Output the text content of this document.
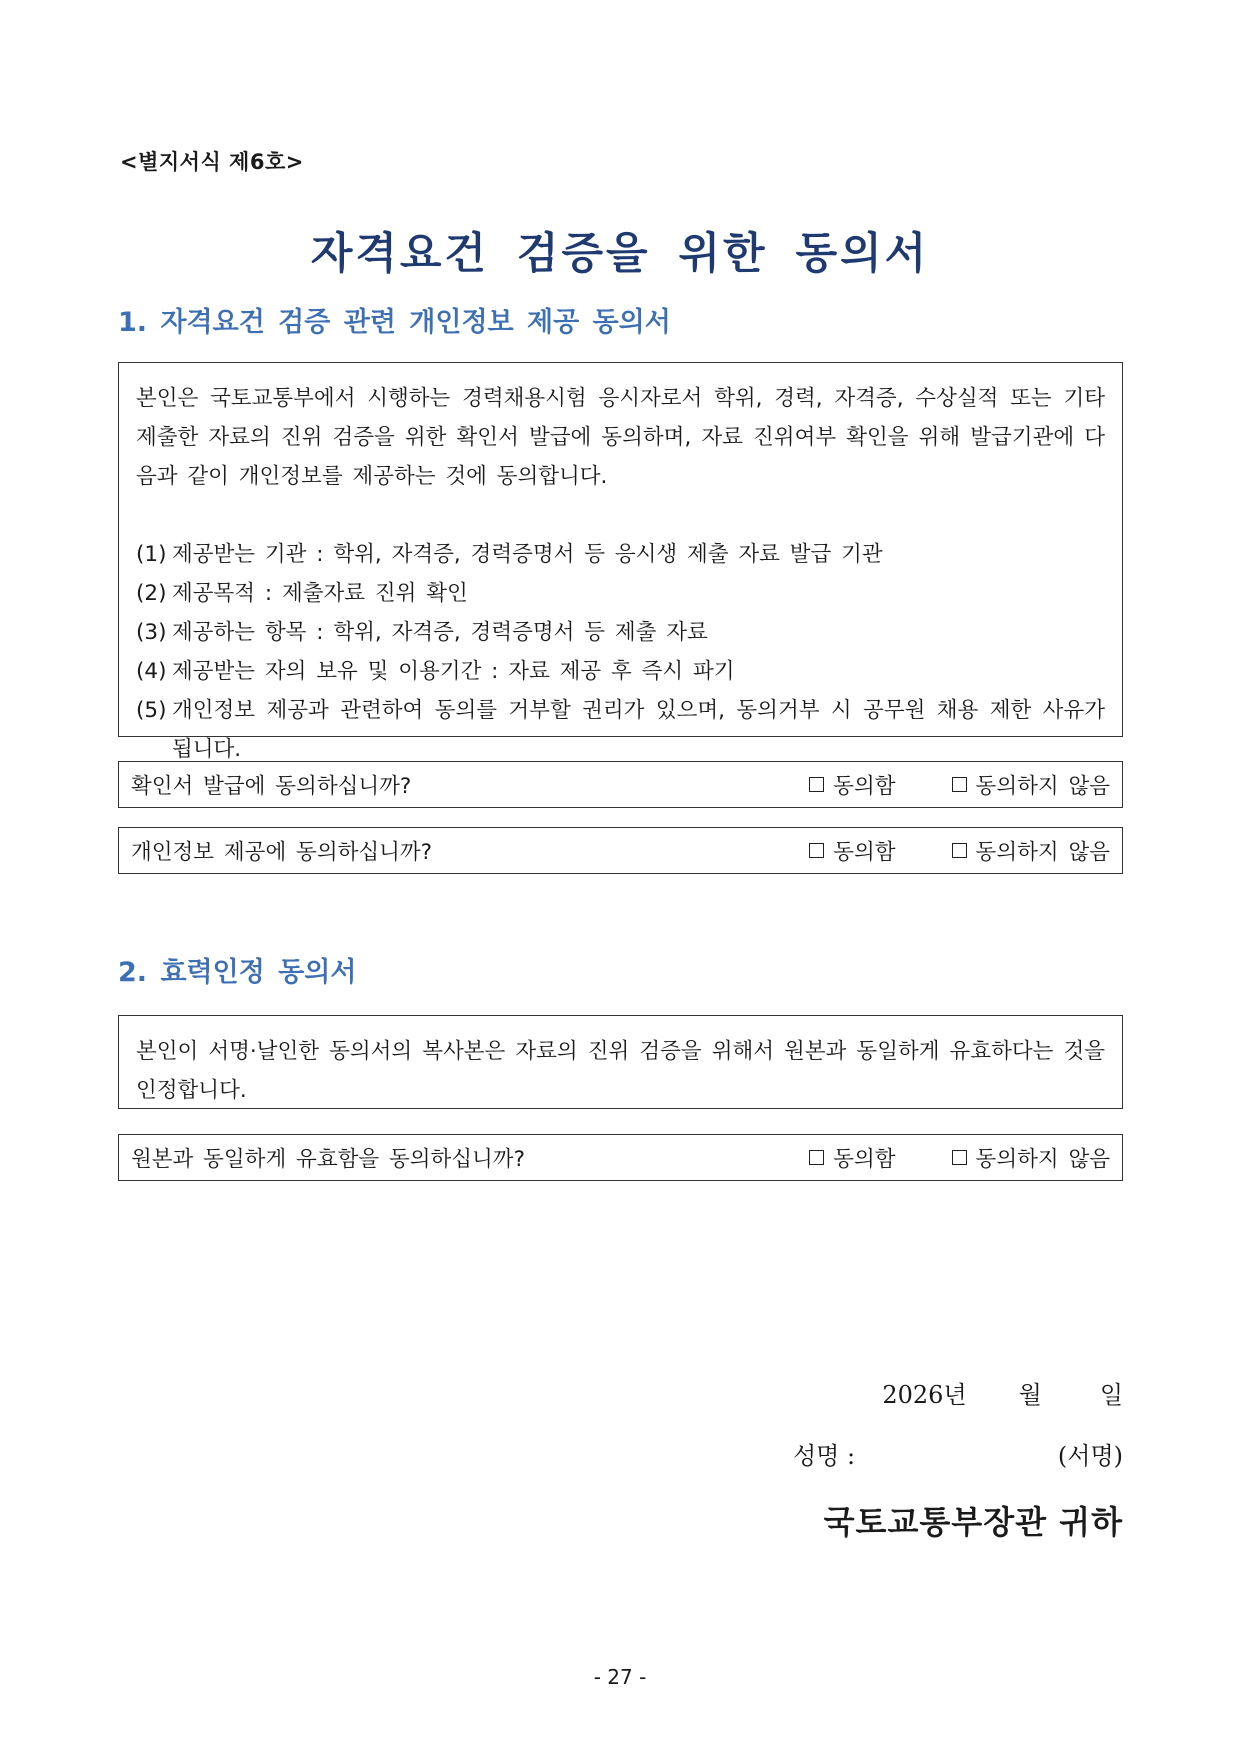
<별지서식 제6호>
자격요건 검증을 위한 동의서
1. 자격요건 검증 관련 개인정보 제공 동의서

본인은 국토교통부에서 시행하는 경력채용시험 응시자로서 학위, 경력, 자격증, 수상실적 또는 기타 제출한 자료의 진위 검증을 위한 확인서 발급에 동의하며, 자료 진위여부 확인을 위해 발급기관에 다음과 같이 개인정보를 제공하는 것에 동의합니다.

(1) 제공받는 기관 : 학위, 자격증, 경력증명서 등 응시생 제출 자료 발급 기관
(2) 제공목적 : 제출자료 진위 확인
(3) 제공하는 항목 : 학위, 자격증, 경력증명서 등 제출 자료
(4) 제공받는 자의 보유 및 이용기간 : 자료 제공 후 즉시 파기
(5) 개인정보 제공과 관련하여 동의를 거부할 권리가 있으며, 동의거부 시 공무원 채용 제한 사유가 됩니다.
확인서 발급에 동의하십니까?	동의함	동의하지 않음
개인정보 제공에 동의하십니까?	동의함	동의하지 않음
2. 효력인정 동의서

본인이 서명·날인한 동의서의 복사본은 자료의 진위 검증을 위해서 원본과 동일하게 유효하다는 것을 인정합니다.

원본과 동일하게 유효함을 동의하십니까?	동의함	동의하지 않음
2026년 월 일
성명 :	(서명)
국토교통부장관 귀하
- 27 -
